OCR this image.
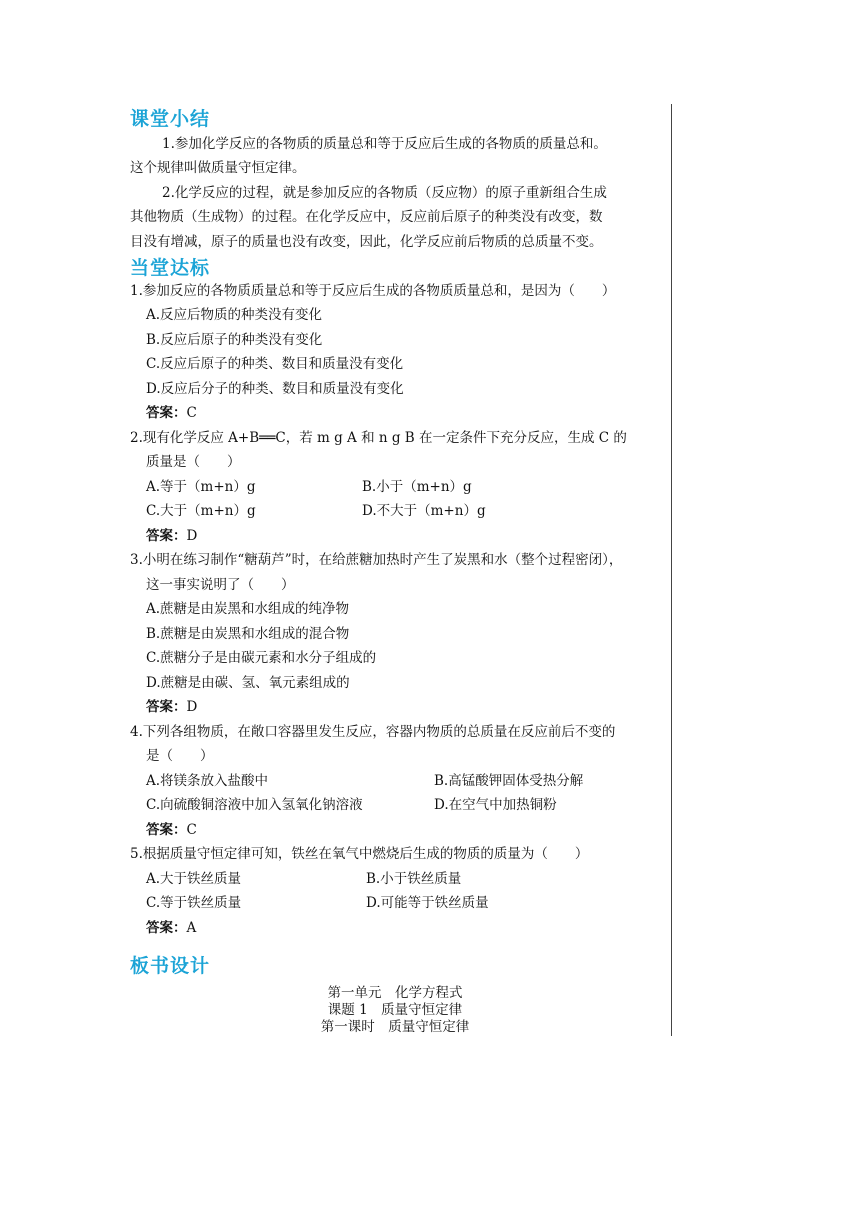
课堂小结
1.参加化学反应的各物质的质量总和等于反应后生成的各物质的质量总和。
这个规律叫做质量守恒定律。
2.化学反应的过程，就是参加反应的各物质（反应物）的原子重新组合生成
其他物质（生成物）的过程。在化学反应中，反应前后原子的种类没有改变，数
目没有增减，原子的质量也没有改变，因此，化学反应前后物质的总质量不变。
当堂达标
1.参加反应的各物质质量总和等于反应后生成的各物质质量总和，是因为（　　）
A.反应后物质的种类没有变化
B.反应后原子的种类没有变化
C.反应后原子的种类、数目和质量没有变化
D.反应后分子的种类、数目和质量没有变化
答案：C
2.现有化学反应 A+B══C，若 m g A 和 n g B 在一定条件下充分反应，生成 C 的
质量是（　　）
A.等于（m+n）g	B.小于（m+n）g
C.大于（m+n）g	D.不大于（m+n）g
答案：D
3.小明在练习制作“糖葫芦”时，在给蔗糖加热时产生了炭黑和水（整个过程密闭），
这一事实说明了（　　）
A.蔗糖是由炭黑和水组成的纯净物
B.蔗糖是由炭黑和水组成的混合物
C.蔗糖分子是由碳元素和水分子组成的
D.蔗糖是由碳、氢、氧元素组成的
答案：D
4.下列各组物质，在敞口容器里发生反应，容器内物质的总质量在反应前后不变的
是（　　）
A.将镁条放入盐酸中	B.高锰酸钾固体受热分解
C.向硫酸铜溶液中加入氢氧化钠溶液	D.在空气中加热铜粉
答案：C
5.根据质量守恒定律可知，铁丝在氧气中燃烧后生成的物质的质量为（　　）
A.大于铁丝质量	B.小于铁丝质量
C.等于铁丝质量	D.可能等于铁丝质量
答案：A
板书设计
第一单元　化学方程式
课题 1　质量守恒定律
第一课时　质量守恒定律
